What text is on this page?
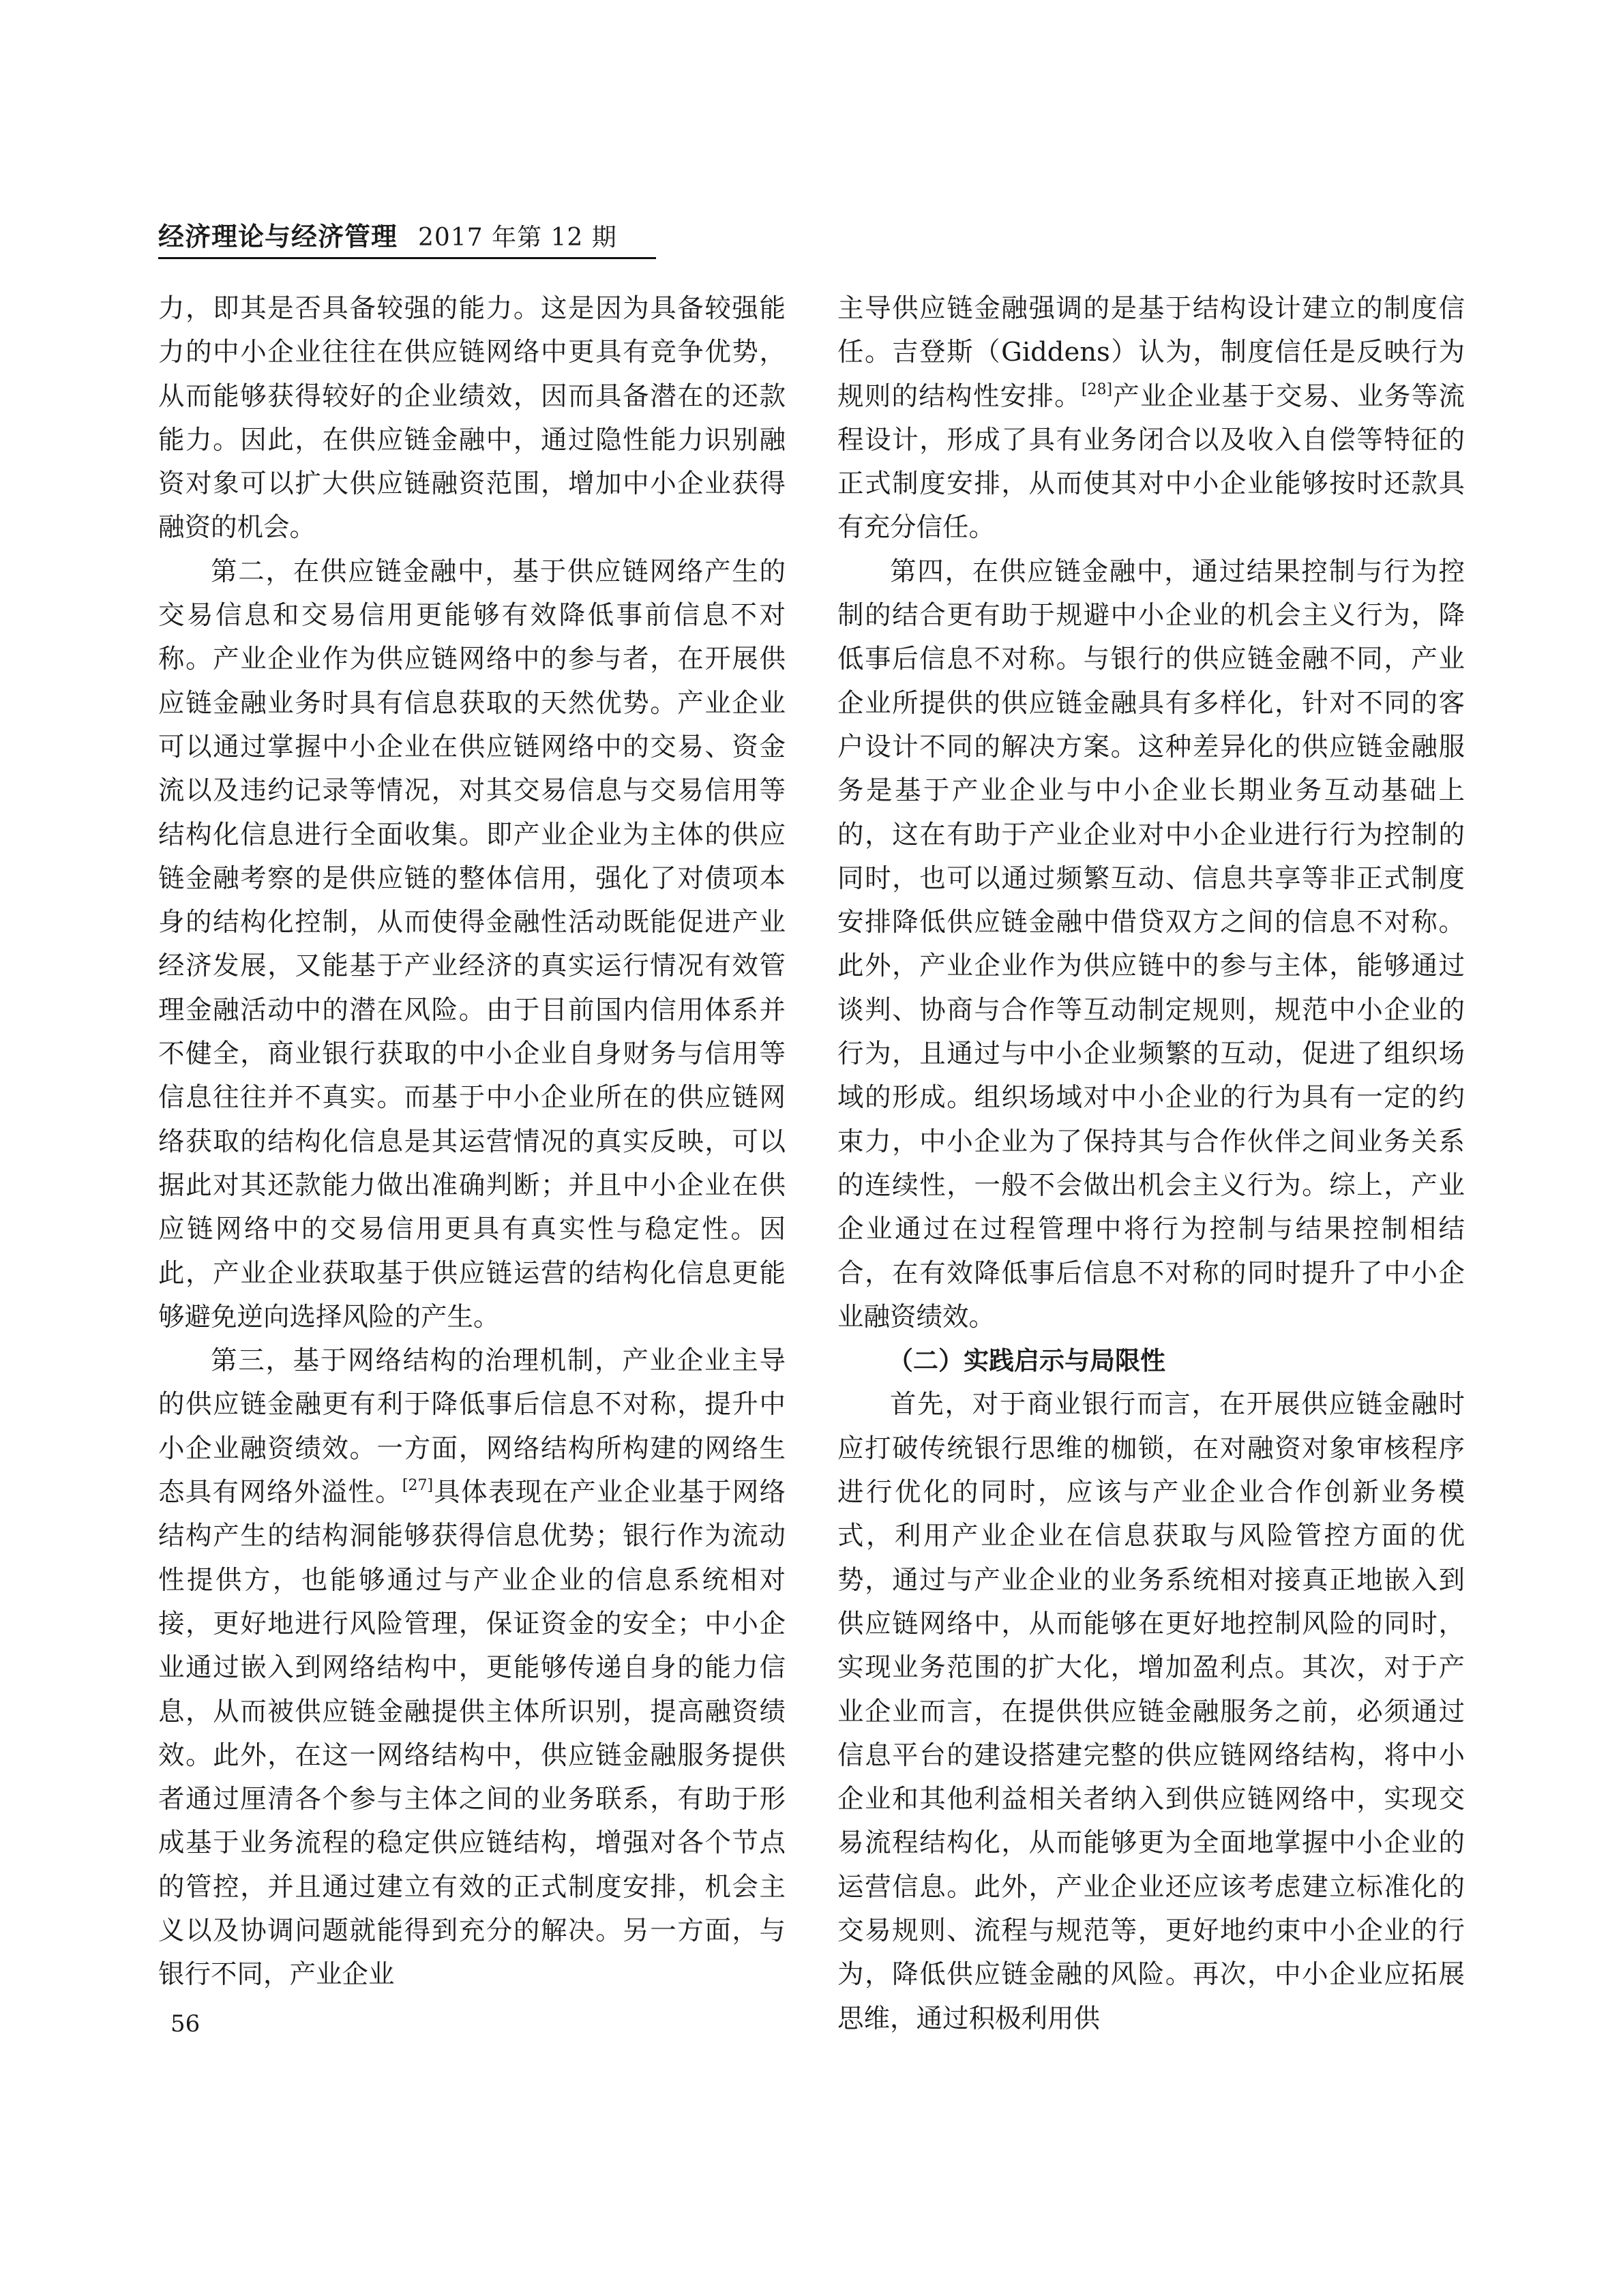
经济理论与经济管理 2017 年第 12 期

力，即其是否具备较强的能力。这是因为具备较强能力的中小企业往往在供应链网络中更具有竞争优势，从而能够获得较好的企业绩效，因而具备潜在的还款能力。因此，在供应链金融中，通过隐性能力识别融资对象可以扩大供应链融资范围，增加中小企业获得融资的机会。

第二，在供应链金融中，基于供应链网络产生的交易信息和交易信用更能够有效降低事前信息不对称。产业企业作为供应链网络中的参与者，在开展供应链金融业务时具有信息获取的天然优势。产业企业可以通过掌握中小企业在供应链网络中的交易、资金流以及违约记录等情况，对其交易信息与交易信用等结构化信息进行全面收集。即产业企业为主体的供应链金融考察的是供应链的整体信用，强化了对债项本身的结构化控制，从而使得金融性活动既能促进产业经济发展，又能基于产业经济的真实运行情况有效管理金融活动中的潜在风险。由于目前国内信用体系并不健全，商业银行获取的中小企业自身财务与信用等信息往往并不真实。而基于中小企业所在的供应链网络获取的结构化信息是其运营情况的真实反映，可以据此对其还款能力做出准确判断；并且中小企业在供应链网络中的交易信用更具有真实性与稳定性。因此，产业企业获取基于供应链运营的结构化信息更能够避免逆向选择风险的产生。

第三，基于网络结构的治理机制，产业企业主导的供应链金融更有利于降低事后信息不对称，提升中小企业融资绩效。一方面，网络结构所构建的网络生态具有网络外溢性。[27]具体表现在产业企业基于网络结构产生的结构洞能够获得信息优势；银行作为流动性提供方，也能够通过与产业企业的信息系统相对接，更好地进行风险管理，保证资金的安全；中小企业通过嵌入到网络结构中，更能够传递自身的能力信息，从而被供应链金融提供主体所识别，提高融资绩效。此外，在这一网络结构中，供应链金融服务提供者通过厘清各个参与主体之间的业务联系，有助于形成基于业务流程的稳定供应链结构，增强对各个节点的管控，并且通过建立有效的正式制度安排，机会主义以及协调问题就能得到充分的解决。另一方面，与银行不同，产业企业

主导供应链金融强调的是基于结构设计建立的制度信任。吉登斯（Giddens）认为，制度信任是反映行为规则的结构性安排。[28]产业企业基于交易、业务等流程设计，形成了具有业务闭合以及收入自偿等特征的正式制度安排，从而使其对中小企业能够按时还款具有充分信任。

第四，在供应链金融中，通过结果控制与行为控制的结合更有助于规避中小企业的机会主义行为，降低事后信息不对称。与银行的供应链金融不同，产业企业所提供的供应链金融具有多样化，针对不同的客户设计不同的解决方案。这种差异化的供应链金融服务是基于产业企业与中小企业长期业务互动基础上的，这在有助于产业企业对中小企业进行行为控制的同时，也可以通过频繁互动、信息共享等非正式制度安排降低供应链金融中借贷双方之间的信息不对称。此外，产业企业作为供应链中的参与主体，能够通过谈判、协商与合作等互动制定规则，规范中小企业的行为，且通过与中小企业频繁的互动，促进了组织场域的形成。组织场域对中小企业的行为具有一定的约束力，中小企业为了保持其与合作伙伴之间业务关系的连续性，一般不会做出机会主义行为。综上，产业企业通过在过程管理中将行为控制与结果控制相结合，在有效降低事后信息不对称的同时提升了中小企业融资绩效。

（二）实践启示与局限性

首先，对于商业银行而言，在开展供应链金融时应打破传统银行思维的枷锁，在对融资对象审核程序进行优化的同时，应该与产业企业合作创新业务模式，利用产业企业在信息获取与风险管控方面的优势，通过与产业企业的业务系统相对接真正地嵌入到供应链网络中，从而能够在更好地控制风险的同时，实现业务范围的扩大化，增加盈利点。其次，对于产业企业而言，在提供供应链金融服务之前，必须通过信息平台的建设搭建完整的供应链网络结构，将中小企业和其他利益相关者纳入到供应链网络中，实现交易流程结构化，从而能够更为全面地掌握中小企业的运营信息。此外，产业企业还应该考虑建立标准化的交易规则、流程与规范等，更好地约束中小企业的行为，降低供应链金融的风险。再次，中小企业应拓展思维，通过积极利用供

56
